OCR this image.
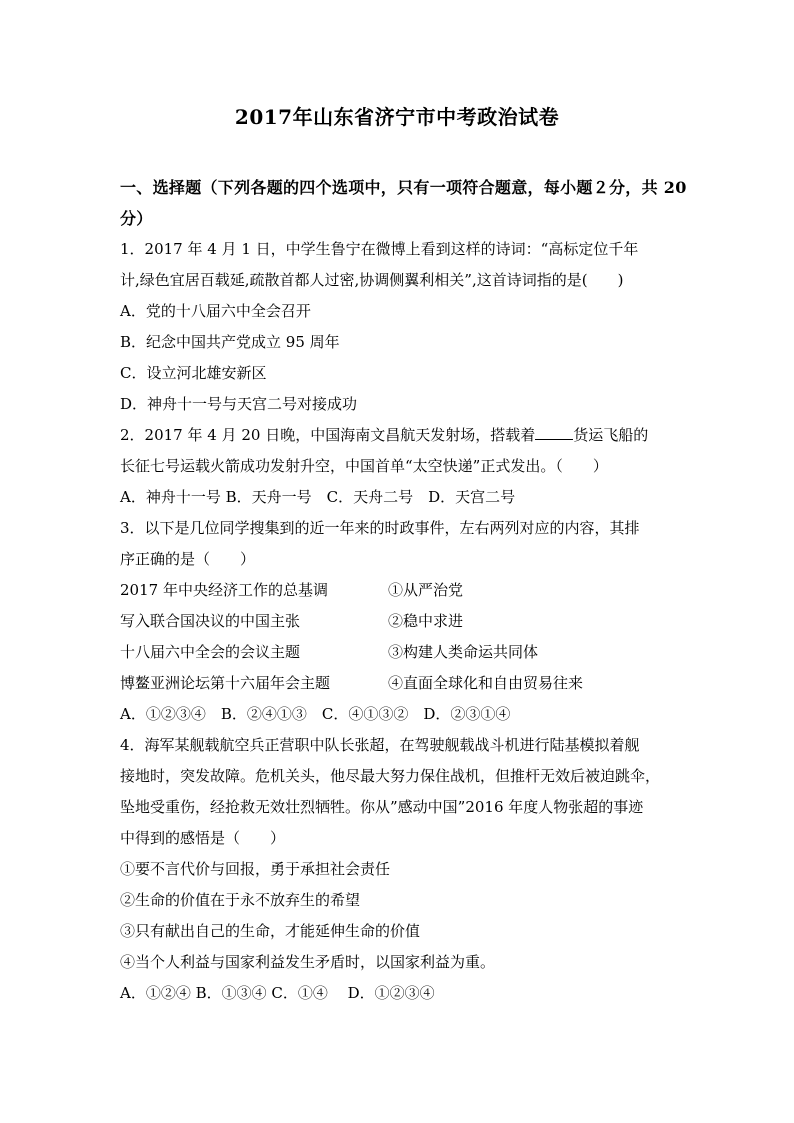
2017年山东省济宁市中考政治试卷
一、选择题（下列各题的四个选项中，只有一项符合题意，每小题２分，共 20
分）
1．2017 年 4 月 1 日，中学生鲁宁在微博上看到这样的诗词：“高标定位千年
计,绿色宜居百载延,疏散首都人过密,协调侧翼利相关”,这首诗词指的是(　　)
A．党的十八届六中全会召开
B．纪念中国共产党成立 95 周年
C．设立河北雄安新区
D．神舟十一号与天宫二号对接成功
2．2017 年 4 月 20 日晚，中国海南文昌航天发射场，搭载着	货运飞船的
长征七号运载火箭成功发射升空，中国首单“太空快递”正式发出。（　　）
A．神舟十一号 B．天舟一号　C．天舟二号　D．天宫二号
3．以下是几位同学搜集到的近一年来的时政事件，左右两列对应的内容，其排
序正确的是（　　）
2017 年中央经济工作的总基调	①从严治党
写入联合国决议的中国主张	②稳中求进
十八届六中全会的会议主题	③构建人类命运共同体
博鳌亚洲论坛第十六届年会主题	④直面全球化和自由贸易往来
A．①②③④　B．②④①③　C．④①③②　D．②③①④
4．海军某舰载航空兵正营职中队长张超，在驾驶舰载战斗机进行陆基模拟着舰
接地时，突发故障。危机关头，他尽最大努力保住战机，但推杆无效后被迫跳伞，
坠地受重伤，经抢救无效壮烈牺牲。你从”感动中国”2016 年度人物张超的事迹
中得到的感悟是（　　）
①要不言代价与回报，勇于承担社会责任
②生命的价值在于永不放弃生的希望
③只有献出自己的生命，才能延伸生命的价值
④当个人利益与国家利益发生矛盾时，以国家利益为重。
A．①②④ B．①③④ C．①④　 D．①②③④
